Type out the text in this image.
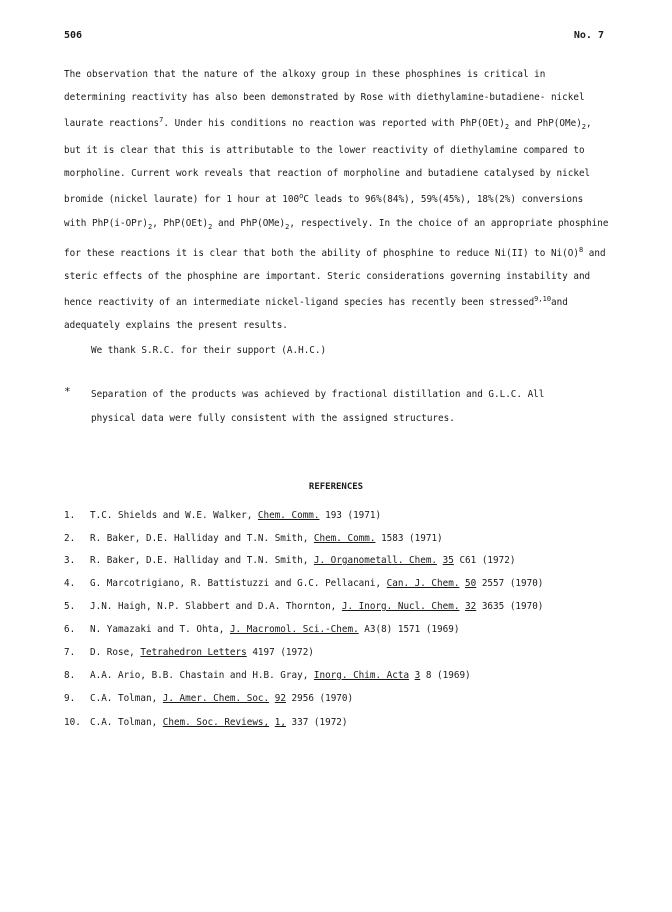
506	No. 7

The observation that the nature of the alkoxy group in these phosphines is critical in determining reactivity has also been demonstrated by Rose with diethylamine-butadiene- nickel laurate reactions$^7$. Under his conditions no reaction was reported with $PhP(OEt)_2$ and $PhP(OMe)_2$, but it is clear that this is attributable to the lower reactivity of diethylamine compared to morpholine. Current work reveals that reaction of morpholine and butadiene catalysed by nickel bromide (nickel laurate) for 1 hour at 100$^o$C leads to 96%(84%), 59%(45%), 18%(2%) conversions with $PhP(i-OPr)_2$, $PhP(OEt)_2$ and $PhP(OMe)_2$, respectively. In the choice of an appropriate phosphine for these reactions it is clear that both the ability of phosphine to reduce Ni(II) to $Ni(O)^8$ and steric effects of the phosphine are important. Steric considerations governing instability and hence reactivity of an intermediate nickel-ligand species has recently been stressed$^{9,10}$and adequately explains the present results.

We thank S.R.C. for their support (A.H.C.)

* Separation of the products was achieved by fractional distillation and G.L.C. All physical data were fully consistent with the assigned structures.

REFERENCES
1. T.C. Shields and W.E. Walker, Chem. Comm. 193 (1971)
2. R. Baker, D.E. Halliday and T.N. Smith, Chem. Comm. 1583 (1971)
3. R. Baker, D.E. Halliday and T.N. Smith, J. Organometall. Chem. 35 C61 (1972)
4. G. Marcotrigiano, R. Battistuzzi and G.C. Pellacani, Can. J. Chem. 50 2557 (1970)
5. J.N. Haigh, N.P. Slabbert and D.A. Thornton, J. Inorg. Nucl. Chem. 32 3635 (1970)
6. N. Yamazaki and T. Ohta, J. Macromol. Sci.-Chem. A3(8) 1571 (1969)
7. D. Rose, Tetrahedron Letters 4197 (1972)
8. A.A. Ario, B.B. Chastain and H.B. Gray, Inorg. Chim. Acta 3 8 (1969)
9. C.A. Tolman, J. Amer. Chem. Soc. 92 2956 (1970)
10. C.A. Tolman, Chem. Soc. Reviews, 1, 337 (1972)
